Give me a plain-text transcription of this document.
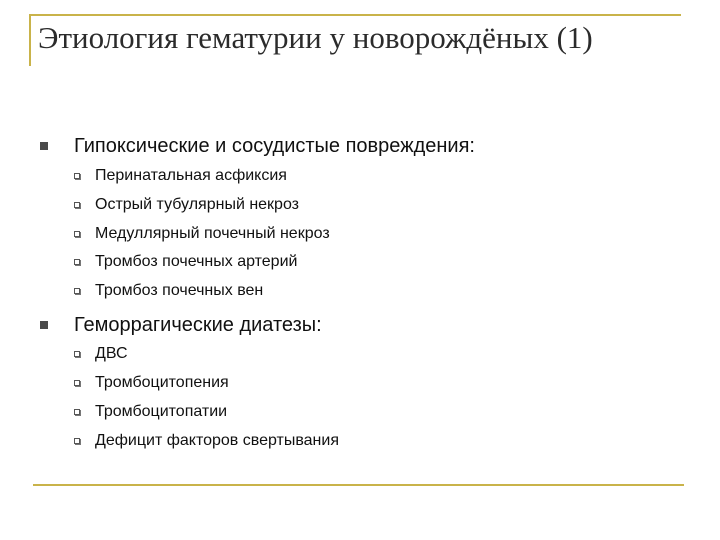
Этиология гематурии у новорождёных (1)
Гипоксические и сосудистые повреждения:
Перинатальная асфиксия
Острый тубулярный некроз
Медуллярный почечный некроз
Тромбоз почечных артерий
Тромбоз почечных вен
Геморрагические диатезы:
ДВС
Тромбоцитопения
Тромбоцитопатии
Дефицит факторов свертывания
